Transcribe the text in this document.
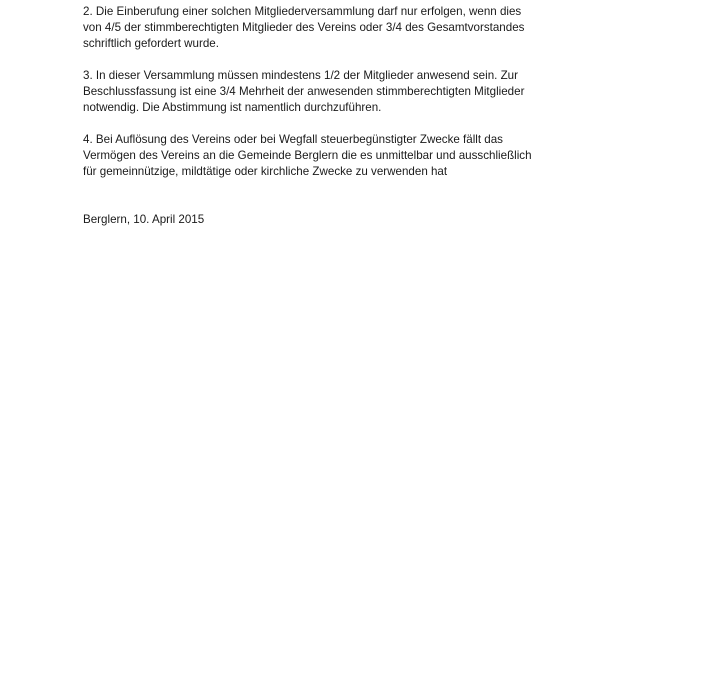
2. Die Einberufung einer solchen Mitgliederversammlung darf nur erfolgen, wenn dies
von 4/5 der stimmberechtigten Mitglieder des Vereins oder 3/4 des Gesamtvorstandes
schriftlich gefordert wurde.

3. In dieser Versammlung müssen mindestens 1/2 der Mitglieder anwesend sein. Zur
Beschlussfassung ist eine 3/4 Mehrheit der anwesenden stimmberechtigten Mitglieder
notwendig. Die Abstimmung ist namentlich durchzuführen.

4. Bei Auflösung des Vereins oder bei Wegfall steuerbegünstigter Zwecke fällt das
Vermögen des Vereins an die Gemeinde Berglern die es unmittelbar und ausschließlich
für gemeinnützige, mildtätige oder kirchliche Zwecke zu verwenden hat

Berglern, 10. April 2015
